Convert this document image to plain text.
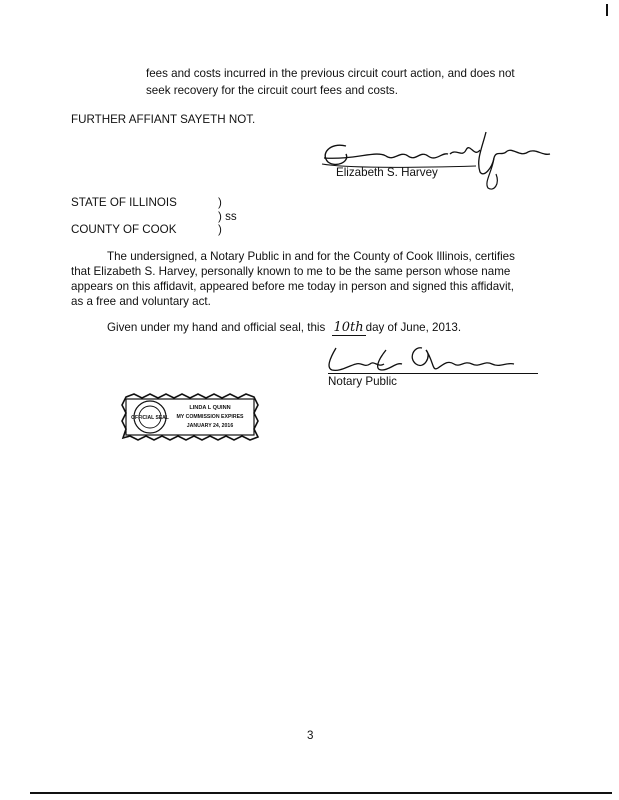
fees and costs incurred in the previous circuit court action, and does not
seek recovery for the circuit court fees and costs.
FURTHER AFFIANT SAYETH NOT.
Elizabeth S. Harvey
STATE OF ILLINOIS	)
) ss
COUNTY OF COOK	)
The undersigned, a Notary Public in and for the County of Cook Illinois, certifies
that Elizabeth S. Harvey, personally known to me to be the same person whose name
appears on this affidavit, appeared before me today in person and signed this affidavit,
as a free and voluntary act.
Given under my hand and official seal, this 10th day of June, 2013.
Notary Public
OFFICIAL SEAL
LINDA L QUINN
MY COMMISSION EXPIRES
JANUARY 24, 2016
3
